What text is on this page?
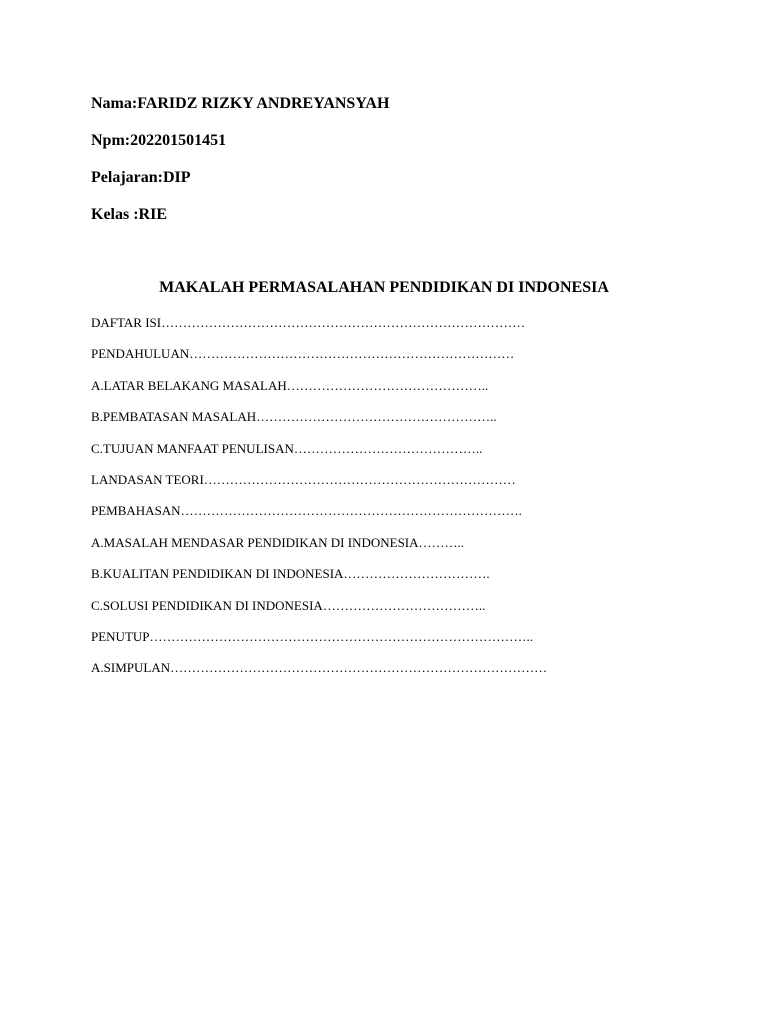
Nama:FARIDZ RIZKY ANDREYANSYAH
Npm:202201501451
Pelajaran:DIP
Kelas :RIE
MAKALAH PERMASALAHAN PENDIDIKAN DI INDONESIA
DAFTAR ISI…………………………………………………………………………
PENDAHULUAN…………………………………………………………………
A.LATAR BELAKANG MASALAH………………………………………..
B.PEMBATASAN MASALAH………………………………………………..
C.TUJUAN MANFAAT PENULISAN……………………………………..
LANDASAN TEORI………………………………………………………………
PEMBAHASAN…………………………………………………………………….
A.MASALAH MENDASAR PENDIDIKAN DI INDONESIA………..
B.KUALITAN PENDIDIKAN DI INDONESIA…………………………….
C.SOLUSI PENDIDIKAN DI INDONESIA………………………………..
PENUTUP……………………………………………………………………………..
A.SIMPULAN……………………………………………………………………………
